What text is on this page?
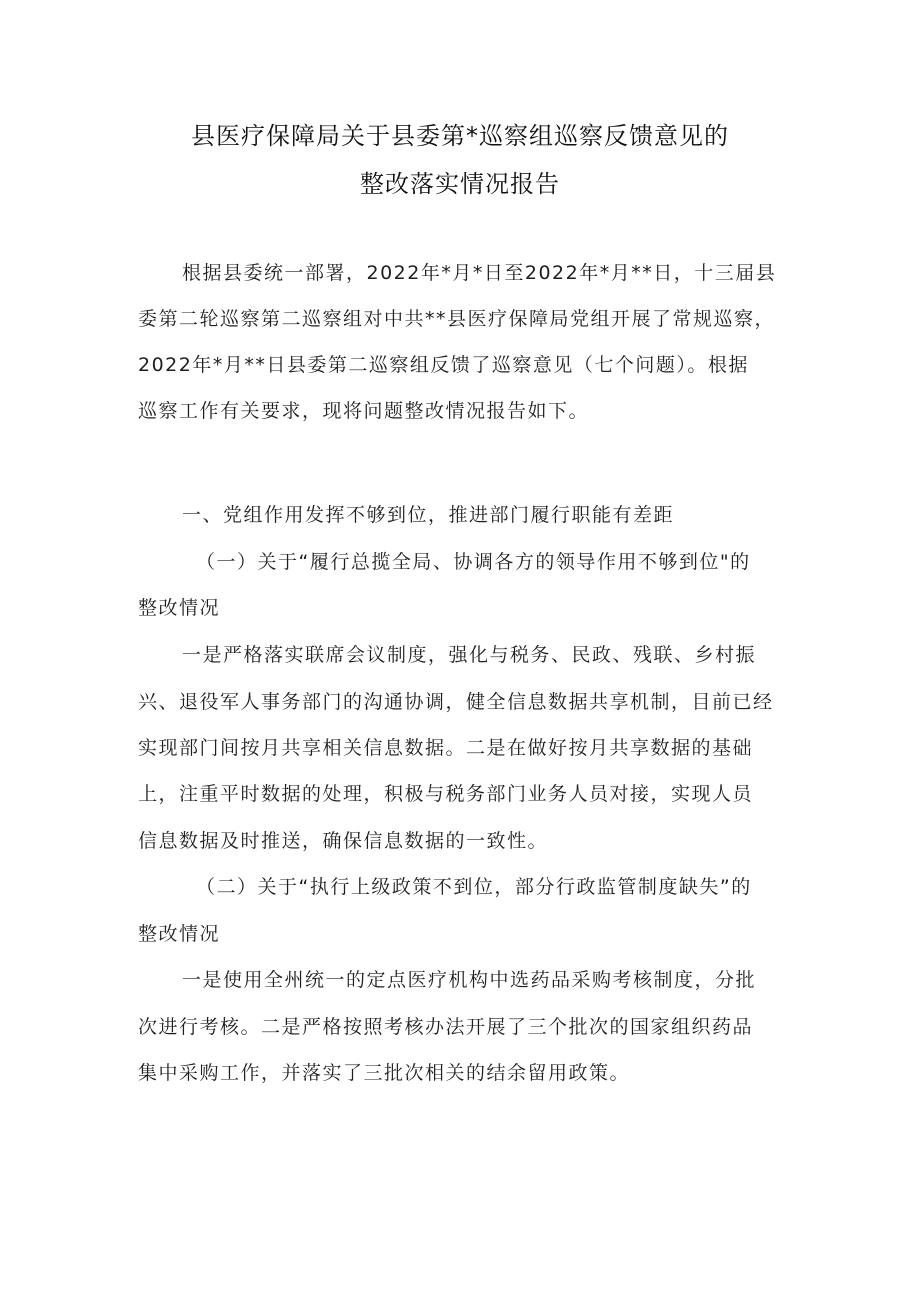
县医疗保障局关于县委第*巡察组巡察反馈意见的
整改落实情况报告
根据县委统一部署，2022年*月*日至2022年*月**日，十三届县
委第二轮巡察第二巡察组对中共**县医疗保障局党组开展了常规巡察，
2022年*月**日县委第二巡察组反馈了巡察意见（七个问题）。根据
巡察工作有关要求，现将问题整改情况报告如下。
一、党组作用发挥不够到位，推进部门履行职能有差距
（一）关于“履行总揽全局、协调各方的领导作用不够到位"的
整改情况
一是严格落实联席会议制度，强化与税务、民政、残联、乡村振
兴、退役军人事务部门的沟通协调，健全信息数据共享机制，目前已经
实现部门间按月共享相关信息数据。二是在做好按月共享数据的基础
上，注重平时数据的处理，积极与税务部门业务人员对接，实现人员
信息数据及时推送，确保信息数据的一致性。
（二）关于“执行上级政策不到位，部分行政监管制度缺失”的
整改情况
一是使用全州统一的定点医疗机构中选药品采购考核制度，分批
次进行考核。二是严格按照考核办法开展了三个批次的国家组织药品
集中采购工作，并落实了三批次相关的结余留用政策。
